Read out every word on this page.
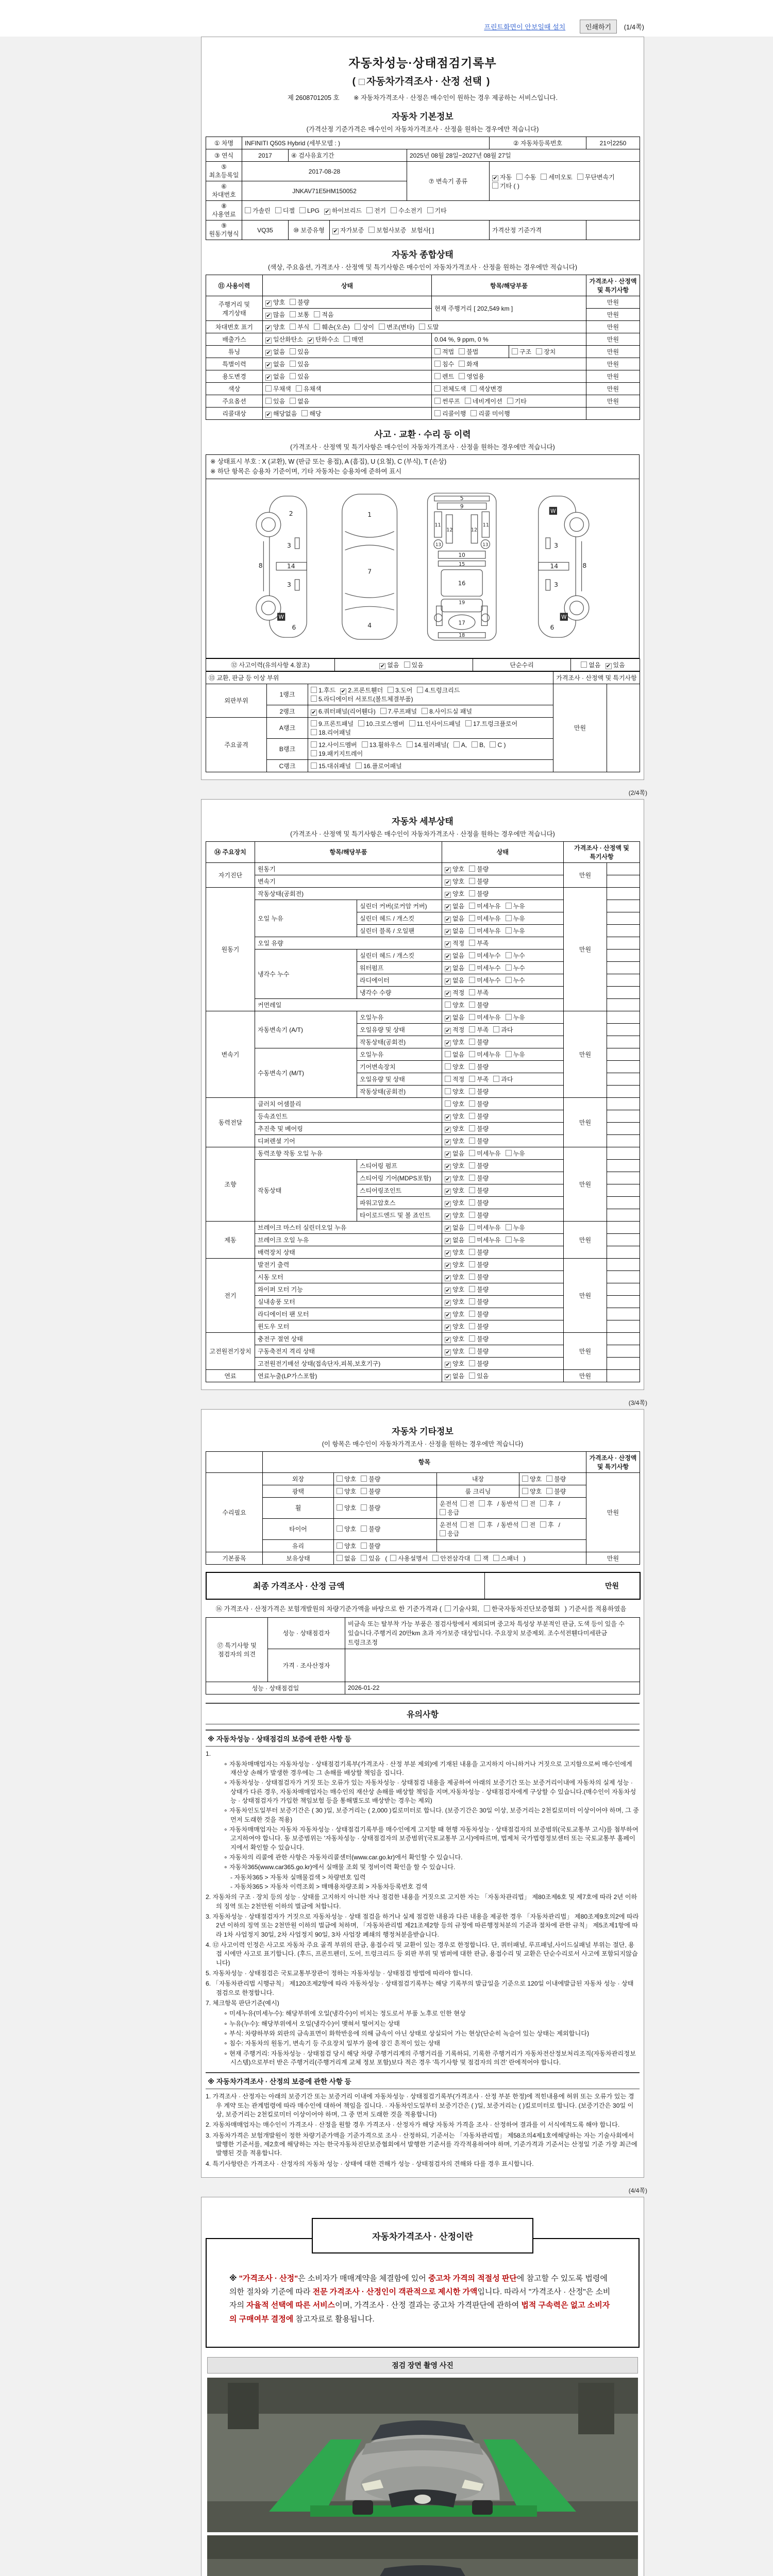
프린트화면이 안보일때 설치	인쇄하기 (1/4쪽)
자동차성능·상태점검기록부
( 자동차가격조사 · 산정 선택 )
제 2608701205 호 ※ 자동차가격조사 · 산정은 매수인이 원하는 경우 제공하는 서비스입니다.
자동차 기본정보
(가격산정 기준가격은 매수인이 자동차가격조사 · 산정을 원하는 경우에만 적습니다)
① 차명	INFINITI Q50S Hybrid (세부모델 : )				② 자동차등록번호	21어2250
③ 연식	2017	④ 검사유효기간		2025년 08월 28일~2027년 08월 27일		
⑤ 최초등록일	2017-08-28			⑦ 변속기 종류	✔ 자동 수동 세미오토 무단변속기기타 ( )	
⑥ 차대번호	JNKAV71E5HM150052					
⑧ 사용연료	가솔린 디젤 LPG ✔ 하이브리드 전기 수소전기 기타					
⑨ 원동기형식	VQ35	⑩ 보증유형	✔ 자가보증 보험사보증 보험사[ ]		가격산정 기준가격	
자동차 종합상태
(색상, 주요옵션, 가격조사 · 산정액 및 특기사항은 매수인이 자동차가격조사 · 산정을 원하는 경우에만 적습니다)
⑪ 사용이력	상태	항목/해당부품		가격조사 · 산정액 및 특기사항
주행거리 및 계기상태	✔ 양호 불량	현재 주행거리 [ 202,549 km ]		만원
	✔ 많음 보통 적음			만원
차대번호 표기	✔ 양호 부식 훼손(오손) 상이 변조(변타) 도말			만원
배출가스	✔ 일산화탄소 ✔ 탄화수소 매연	0.04 %, 9 ppm, 0 %		만원
튜닝	✔ 없음 있음	적법 불법	구조 장치	만원
특별이력	✔ 없음 있음	침수 화재		만원
용도변경	✔ 없음 있음	렌트 영업용		만원
색상	무채색 유채색	전체도색 색상변경		만원
주요옵션	있음 없음	썬루프 네비게이션 기타		만원
리콜대상	✔ 해당없음 해당	리콜이행 리콜 미이행		
사고 · 교환 · 수리 등 이력
(가격조사 · 산정액 및 특기사항은 매수인이 자동차가격조사 · 산정을 원하는 경우에만 적습니다)
※ 상태표시 부호 : X (교환), W (판금 또는 용접), A (흠집), U (요철), C (부식), T (손상)
※ 하단 항목은 승용차 기준이며, 기타 자동차는 승용차에 준하여 표시
2
3
14
3
8
6
1
7
4
5
9
11	11
12	12
13	13
10
15
16
19
17
18
3
14
3
8
6
W
W
W
⑫ 사고이력(유의사항 4.참조)	✔ 없음 있음	단순수리	없음 ✔ 있음
⑬ 교환, 판금 등 이상 부위			가격조사 · 산정액 및 특기사항	
외판부위	1랭크	1.후드 ✔ 2.프론트휀더 3.도어 4.트렁크리드5.라디에이터 서포트(볼트체결부품)	만원	
	2랭크	✔ 6.쿼터패널(리어휀다) 7.루프패널 8.사이드실 패널		
주요골격	A랭크	9.프론트패널 10.크로스멤버 11.인사이드패널 17.트렁크플로어18.리어패널		
	B랭크	12.사이드멤버 13.휠하우스 14.필러패널( A, B, C )19.패키지트레이		
	C랭크	15.대쉬패널 16.플로어패널		
(2/4쪽)
자동차 세부상태
(가격조사 · 산정액 및 특기사항은 매수인이 자동차가격조사 · 산정을 원하는 경우에만 적습니다)
⑭ 주요장치	항목/해당부품		상태	가격조사 · 산정액 및 특기사항	
자기진단	원동기		✔ 양호 불량	만원	
	변속기		✔ 양호 불량		
원동기	작동상태(공회전)		✔ 양호 불량	만원	
	오일 누유	실린더 커버(로커암 커버)	✔ 없음 미세누유 누유		
		실린더 헤드 / 개스킷	✔ 없음 미세누유 누유		
		실린더 블록 / 오일팬	✔ 없음 미세누유 누유		
	오일 유량		✔ 적정 부족		
	냉각수 누수	실린더 헤드 / 개스킷	✔ 없음 미세누수 누수		
		워터펌프	✔ 없음 미세누수 누수		
		라디에이터	✔ 없음 미세누수 누수		
		냉각수 수량	✔ 적정 부족		
	커먼레일		양호 불량		
변속기	자동변속기 (A/T)	오일누유	✔ 없음 미세누유 누유	만원	
		오일유량 및 상태	✔ 적정 부족 과다		
		작동상태(공회전)	✔ 양호 불량		
	수동변속기 (M/T)	오일누유	없음 미세누유 누유		
		기어변속장치	양호 불량		
		오일유량 및 상태	적정 부족 과다		
		작동상태(공회전)	양호 불량		
동력전달	클러치 어셈블리		양호 불량	만원	
	등속죠인트		✔ 양호 불량		
	추진축 및 베어링		✔ 양호 불량		
	디퍼렌셜 기어		✔ 양호 불량		
조향	동력조향 작동 오일 누유		✔ 없음 미세누유 누유	만원	
	작동상태	스티어링 펌프	✔ 양호 불량		
		스티어링 기어(MDPS포함)	✔ 양호 불량		
		스티어링조인트	✔ 양호 불량		
		파워고압호스	✔ 양호 불량		
		타이로드엔드 및 볼 죠인트	✔ 양호 불량		
제동	브레이크 마스터 실린더오일 누유		✔ 없음 미세누유 누유	만원	
	브레이크 오일 누유		✔ 없음 미세누유 누유		
	배력장치 상태		✔ 양호 불량		
전기	발전기 출력		✔ 양호 불량	만원	
	시동 모터		✔ 양호 불량		
	와이퍼 모터 기능		✔ 양호 불량		
	실내송풍 모터		✔ 양호 불량		
	라디에이터 팬 모터		✔ 양호 불량		
	윈도우 모터		✔ 양호 불량		
고전원전기장치	충전구 절연 상태		✔ 양호 불량	만원	
	구동축전지 격리 상태		✔ 양호 불량		
	고전원전기배선 상태(접속단자,피복,보호기구)		✔ 양호 불량		
연료	연료누출(LP가스포함)		✔ 없음 있음	만원	
(3/4쪽)
자동차 기타정보
(이 항목은 매수인이 자동차가격조사 · 산정을 원하는 경우에만 적습니다)
	항목				가격조사 · 산정액 및 특기사항
수리필요	외장	양호 불량	내장	양호 불량	만원
	광택	양호 불량	룸 크리닝	양호 불량	
	휠	양호 불량	운전석 전 후 / 동반석 전 후 /응급		
	타이어	양호 불량	운전석 전 후 / 동반석 전 후 /응급		
	유리	양호 불량			
기본품목	보유상태	없음 있음 ( 사용설명서 안전삼각대 잭 스패너 )			만원
최종 가격조사 · 산정 금액	만원
⑯ 가격조사 · 산정가격은 보험개발원의 차량기준가액을 바탕으로 한 기준가격과 ( 기술사회, 한국자동차진단보증협회 ) 기준서를 적용하였음
⑰ 특기사항 및 점검자의 의견	성능 · 상태점검자	비금속 또는 탈부착 가능 부품은 점검사항에서 제외되며 중고차 특성상 부분적인 판금, 도색 등이 있을 수 있습니다.주행거리 20만km 초과 자가보증 대상입니다. 주요장치 보증제외. 조수석전휀다미세판금 트렁크조정
	가격 · 조사산정자	
성능 · 상태점검일		2026-01-22
유의사항
※ 자동차성능 · 상태점검의 보증에 관한 사항 등
1.
∘ 자동차매매업자는 자동차성능 · 상태점검기록부(가격조사 · 산정 부분 제외)에 기재된 내용을 고지하지 아니하거나 거짓으로 고지함으로써 매수인에게 재산상 손해가 발생한 경우에는 그 손해를 배상할 책임을 집니다.
∘ 자동차성능 · 상태점검자가 거짓 또는 오류가 있는 자동차성능 · 상태점검 내용을 제공하여 아래의 보증기간 또는 보증거리이내에 자동차의 실제 성능 · 상태가 다른 경우, 자동차매매업자는 매수인의 재산상 손해를 배상할 책임을 지며,자동차성능 · 상태점검자에게 구상할 수 있습니다.(매수인이 자동차성능 · 상태점검자가 가입한 책임보험 등을 통해별도로 배상받는 경우는 제외)
∘ 자동차인도일부터 보증기간은 ( 30 )일, 보증거리는 ( 2,000 )킬로미터로 합니다. (보증기간은 30일 이상, 보증거리는 2천킬로미터 이상이어야 하며, 그 중 먼저 도래한 것을 적용)
∘ 자동차매매업자는 자동차 자동차성능 · 상태점검기록부를 매수인에게 고지할 때 현행 자동차성능 · 상태점검자의 보증범위(국토교통부 고시)를 첨부하여 고지하여야 합니다. 동 보증범위는 '자동차성능 · 상태점검자의 보증범위'(국토교통부 고시)에따르며, 법제처 국가법령정보센터 또는 국토교통부 홈페이지에서 확인할 수 있습니다.
∘ 자동차의 리콜에 관한 사항은 자동차리콜센터(www.car.go.kr)에서 확인할 수 있습니다.
∘ 자동차365(www.car365.go.kr)에서 실매물 조회 및 정비이력 확인을 할 수 있습니다.
- 자동차365 > 자동차 실매물검색 > 차량번호 입력
- 자동차365 > 자동차 이력조회 > 매매용차량조회 > 자동차등록번호 검색
2. 자동차의 구조 · 장치 등의 성능 · 상태를 고지하지 아니한 자나 점검한 내용을 거짓으로 고지한 자는 「자동차관리법」 제80조제6호 및 제7호에 따라 2년 이하의 징역 또는 2천만원 이하의 벌금에 처합니다.
3. 자동차성능 · 상태점검자가 거짓으로 자동차성능 · 상태 점검을 하거나 실제 점검한 내용과 다른 내용을 제공한 경우 「자동차관리법」 제80조제9호의2에 따라 2년 이하의 징역 또는 2천만원 이하의 벌금에 처하며, 「자동차관리법 제21조제2항 등의 규정에 따른행정처분의 기준과 절차에 관한 규칙」 제5조제1항에 따라 1차 사업정지 30일, 2차 사업정지 90일, 3차 사업장 폐쇄의 행정처분을받습니다.
4. ⑫ 사고이력 인정은 사고로 자동차 주요 골격 부위의 판금, 용접수리 및 교환이 있는 경우로 한정합니다. 단, 쿼터패널, 루프패널,사이드실패널 부위는 절단, 용접 시에만 사고로 표기합니다. (후드, 프론트펜더, 도어, 트렁크리드 등 외판 부위 및 범퍼에 대한 판금, 용접수리 및 교환은 단순수리로서 사고에 포함되지않습니다)
5. 자동차성능 · 상태점검은 국토교통부장관이 정하는 자동차성능 · 상태점검 방법에 따라야 합니다.
6. 「자동차관리법 시행규칙」 제120조제2항에 따라 자동차성능 · 상태점검기록부는 해당 기록부의 발급일을 기준으로 120일 이내에발급된 자동차 성능 · 상태점검으로 한정합니다.
7. 체크항목 판단기준(예시)
∘ 미세누유(미세누수): 해당부위에 오일(냉각수)이 비치는 정도로서 부품 노후로 인한 현상
∘ 누유(누수): 해당부위에서 오일(냉각수)이 맺혀서 떨어지는 상태
∘ 부식: 차량하부와 외판의 금속표면이 화학반응에 의해 금속이 아닌 상태로 상실되어 가는 현상(단순히 녹슬어 있는 상태는 제외합니다)
∘ 침수: 자동차의 원동기, 변속기 등 주요장치 일부가 물에 잠긴 흔적이 있는 상태
∘ 현재 주행거리: 자동차성능 · 상태점검 당시 해당 차량 주행거리계의 주행거리를 기록하되, 기록한 주행거리가 자동차전산정보처리조직(자동차관리정보시스템)으로부터 받은 주행거리(주행거리계 교체 정보 포함)보다 적은 경우 '특기사항 및 점검자의 의견' 란에적어야 합니다.
※ 자동차가격조사 · 산정의 보증에 관한 사항 등
1. 가격조사 · 산정자는 아래의 보증기간 또는 보증거리 이내에 자동차성능 · 상태점검기록부(가격조사 · 산정 부분 한정)에 적힌내용에 허위 또는 오류가 있는 경우 계약 또는 관계법령에 따라 매수인에 대하여 책임을 집니다. · 자동차인도일부터 보증기간은 ( )일, 보증거리는 ( )킬로미터로 합니다. (보증기간은 30일 이상, 보증거리는 2천킬로미터 이상이어야 하며, 그 중 먼저 도래한 것을 적용합니다)
2. 자동차매매업자는 매수인이 가격조사 · 산정을 원할 경우 가격조사 · 산정자가 해당 자동차 가격을 조사 · 산정하여 결과를 이 서식에적도록 해야 합니다.
3. 자동차가격은 보험개발원이 정한 차량기준가액을 기준가격으로 조사 · 산정하되, 기준서는 「자동차관리법」 제58조의4제1호에해당하는 자는 기술사회에서 발행한 기준서를, 제2호에 해당하는 자는 한국자동차진단보증협회에서 발행한 기준서를 각각적용하여야 하며, 기준가격과 기준서는 산정일 기준 가장 최근에 발행된 것을 적용합니다.
4. 특기사항란은 가격조사 · 산정자의 자동차 성능 · 상태에 대한 견해가 성능 · 상태점검자의 견해와 다를 경우 표시합니다.
(4/4쪽)
자동차가격조사 · 산정이란

※ "가격조사 · 산정"은 소비자가 매매계약을 체결함에 있어 중고차 가격의 적절성 판단에 참고할 수 있도록 법령에 의한 절차와 기준에 따라 전문 가격조사 · 산정인이 객관적으로 제시한 가액입니다. 따라서 "가격조사 · 산정"은 소비자의 자율적 선택에 따른 서비스이며, 가격조사 · 산정 결과는 중고차 가격판단에 관하여 법적 구속력은 없고 소비자의 구매여부 결정에 참고자료로 활용됩니다.

점검 장면 촬영 사진
